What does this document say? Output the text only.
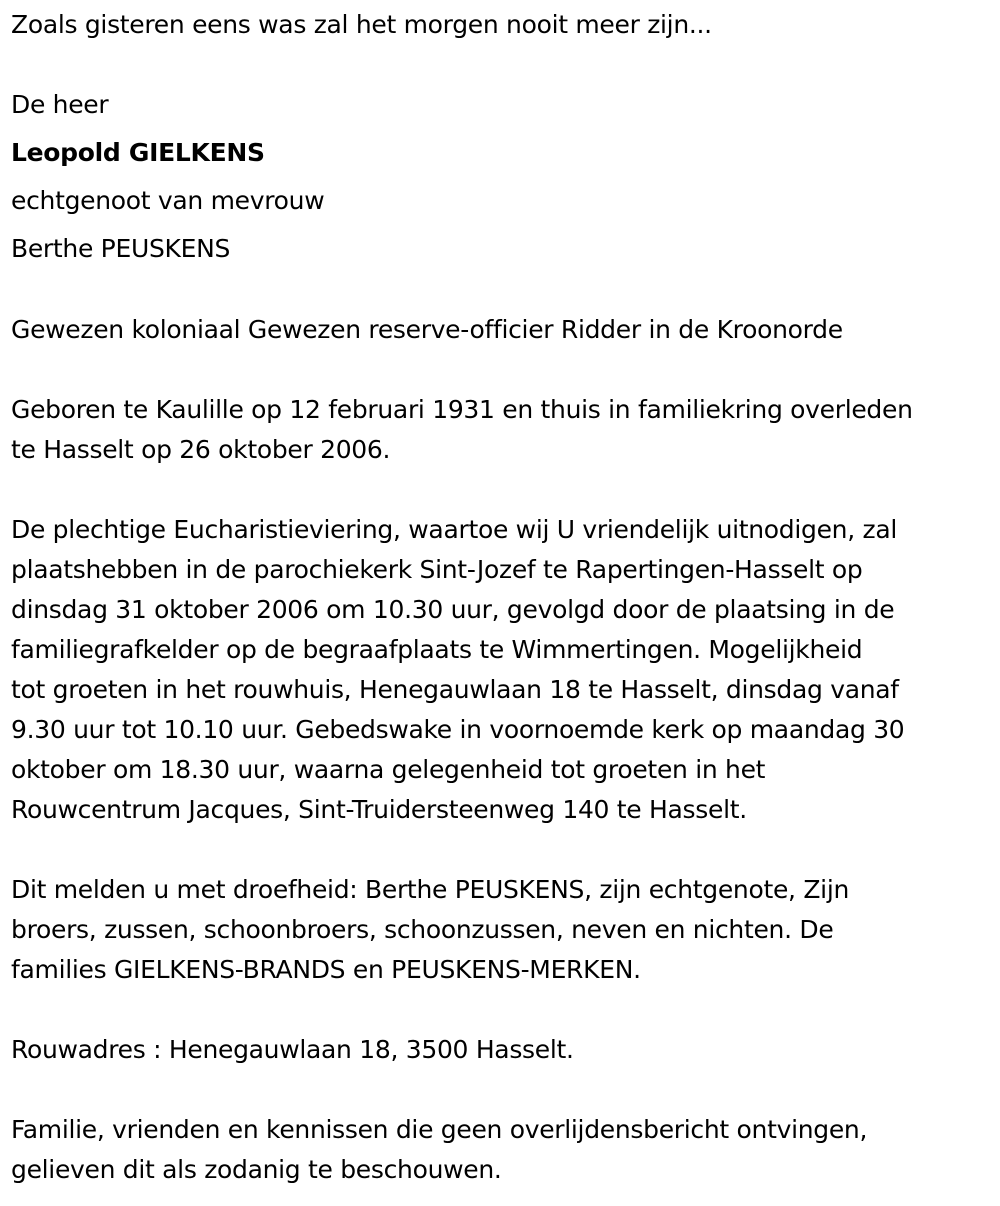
Zoals gisteren eens was zal het morgen nooit meer zijn...

De heer

Leopold GIELKENS

echtgenoot van mevrouw

Berthe PEUSKENS

Gewezen koloniaal Gewezen reserve-officier Ridder in de Kroonorde

Geboren te Kaulille op 12 februari 1931 en thuis in familiekring overleden
te Hasselt op 26 oktober 2006.
De plechtige Eucharistieviering, waartoe wij U vriendelijk uitnodigen, zal
plaatshebben in de parochiekerk Sint-Jozef te Rapertingen-Hasselt op
dinsdag 31 oktober 2006 om 10.30 uur, gevolgd door de plaatsing in de
familiegrafkelder op de begraafplaats te Wimmertingen. Mogelijkheid
tot groeten in het rouwhuis, Henegauwlaan 18 te Hasselt, dinsdag vanaf
9.30 uur tot 10.10 uur. Gebedswake in voornoemde kerk op maandag 30
oktober om 18.30 uur, waarna gelegenheid tot groeten in het
Rouwcentrum Jacques, Sint-Truidersteenweg 140 te Hasselt.
Dit melden u met droefheid: Berthe PEUSKENS, zijn echtgenote, Zijn
broers, zussen, schoonbroers, schoonzussen, neven en nichten. De
families GIELKENS-BRANDS en PEUSKENS-MERKEN.

Rouwadres : Henegauwlaan 18, 3500 Hasselt.

Familie, vrienden en kennissen die geen overlijdensbericht ontvingen,
gelieven dit als zodanig te beschouwen.
